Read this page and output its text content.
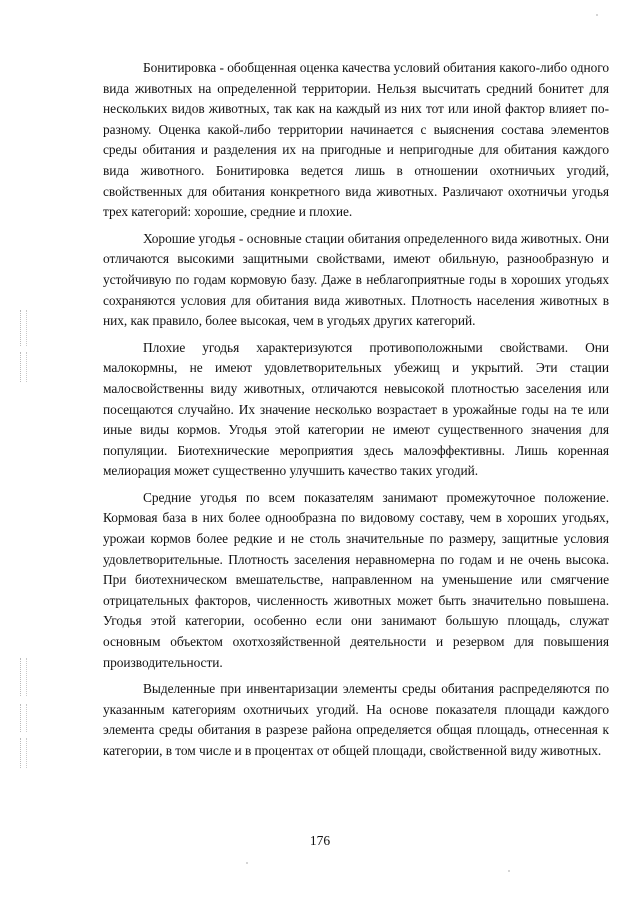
Бонитировка - обобщенная оценка качества условий обитания какого-либо одного вида животных на определенной территории. Нельзя высчитать средний бонитет для нескольких видов животных, так как на каждый из них тот или иной фактор влияет по-разному. Оценка какой-либо территории начинается с выяснения состава элементов среды обитания и разделения их на пригодные и непригодные для обитания каждого вида животного. Бонитировка ведется лишь в отношении охотничьих угодий, свойственных для обитания конкретного вида животных. Различают охотничьи угодья трех категорий: хорошие, средние и плохие.

Хорошие угодья - основные стации обитания определенного вида животных. Они отличаются высокими защитными свойствами, имеют обильную, разнообразную и устойчивую по годам кормовую базу. Даже в неблагоприятные годы в хороших угодьях сохраняются условия для обитания вида животных. Плотность населения животных в них, как правило, более высокая, чем в угодьях других категорий.

Плохие угодья характеризуются противоположными свойствами. Они малокормны, не имеют удовлетворительных убежищ и укрытий. Эти стации малосвойственны виду животных, отличаются невысокой плотностью заселения или посещаются случайно. Их значение несколько возрастает в урожайные годы на те или иные виды кормов. Угодья этой категории не имеют существенного значения для популяции. Биотехнические мероприятия здесь малоэффективны. Лишь коренная мелиорация может существенно улучшить качество таких угодий.

Средние угодья по всем показателям занимают промежуточное положение. Кормовая база в них более однообразна по видовому составу, чем в хороших угодьях, урожаи кормов более редкие и не столь значительные по размеру, защитные условия удовлетворительные. Плотность заселения неравномерна по годам и не очень высока. При биотехническом вмешательстве, направленном на уменьшение или смягчение отрицательных факторов, численность животных может быть значительно повышена. Угодья этой категории, особенно если они занимают большую площадь, служат основным объектом охотхозяйственной деятельности и резервом для повышения производительности.

Выделенные при инвентаризации элементы среды обитания распределяются по указанным категориям охотничьих угодий. На основе показателя площади каждого элемента среды обитания в разрезе района определяется общая площадь, отнесенная к категории, в том числе и в процентах от общей площади, свойственной виду животных.

176
